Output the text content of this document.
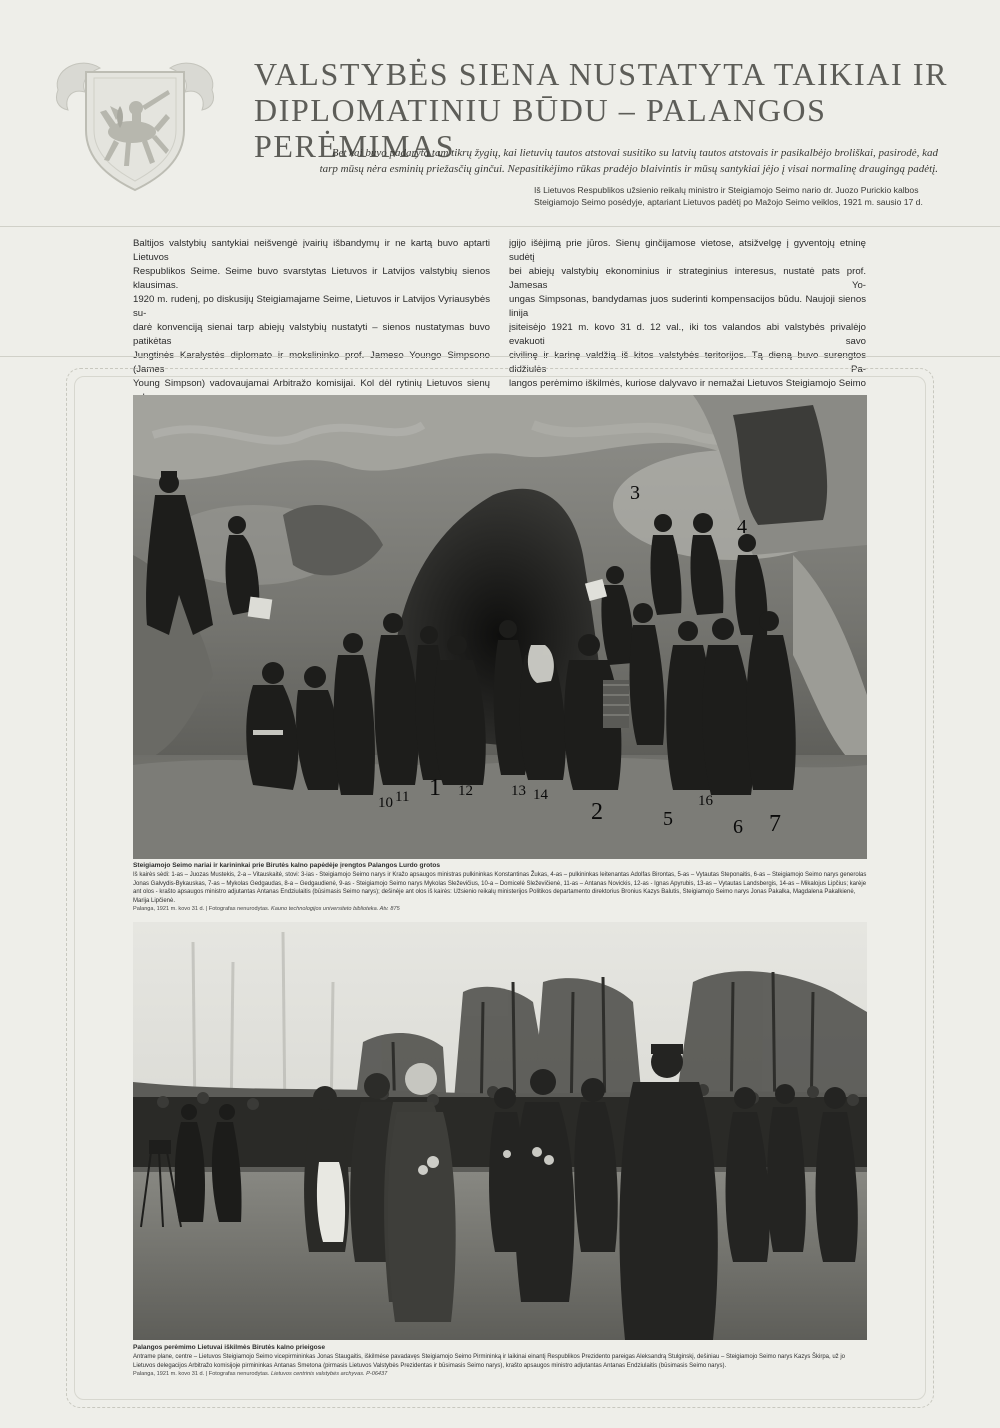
VALSTYBĖS SIENA NUSTATYTA TAIKIAI IR
DIPLOMATINIU BŪDU – PALANGOS PERĖMIMAS

Bet kai buvo padaryta tam tikrų žygių, kai lietuvių tautos atstovai susitiko su latvių tautos atstovais ir pasikalbėjo broliškai, pasirodė, kad tarp mūsų nėra esminių priežasčių ginčui. Nepasitikėjimo rūkas pradėjo blaivintis ir mūsų santykiai jėjo į visai normalinę draugingą padėtį.

Iš Lietuvos Respublikos užsienio reikalų ministro ir Steigiamojo Seimo nario dr. Juozo Purickio kalbos
Steigiamojo Seimo posėdyje, aptariant Lietuvos padėtį po Mažojo Seimo veiklos, 1921 m. sausio 17 d.
Baltijos valstybių santykiai neišvengė įvairių išbandymų ir ne kartą buvo aptarti Lietuvos
Respublikos Seime. Seime buvo svarstytas Lietuvos ir Latvijos valstybių sienos klausimas.
1920 m. rudenį, po diskusijų Steigiamajame Seime, Lietuvos ir Latvijos Vyriausybės su-
darė konvenciją sienai tarp abiejų valstybių nustatyti – sienos nustatymas buvo patikėtas
(James
Young Simpson) vadovaujamai Arbitražo komisijai. Kol dėl rytinių Lietuvos sienų
įgijo išėjimą prie jūros. Sienų ginčijamose vietose, atsižvelgę į gyventojų etninę sudėtį
bei abiejų valstybių ekonominius ir strateginius interesus, nustatė pats prof. Jamesas Yo-
ungas Simpsonas, bandydamas juos suderinti kompensacijos būdu. Naujoji sienos linija
įsiteisėjo 1921 m. kovo 31 d. 12 val., iki tos valandos abi valstybės privalėjo evakuoti savo
didžiulės Pa-
langos perėmimo iškilmės, kuriose dalyvavo ir nemažai Lietuvos Steigiamojo Seimo
3
4
10 11 1 12	13 14
2	5
16
6 7
Steigiamojo Seimo nariai ir karininkai prie Birutės kalno papėdėje įrengtos Palangos Lurdo grotos
Iš kairės sėdi: 1-as – Juozas Mustekis, 2-a – Vitauskaitė, stovi: 3-ias - Steigiamojo Seimo narys ir Kražo apsaugos ministras pulkininkas Konstantinas Žukas, 4-as – pulkininkas leitenantas Adolfas Birontas, 5-as – Vytautas Steponaitis, 6-as – Steigiamojo Seimo narys generolas Jonas Galvydis-Bykauskas, 7-as – Mykolas Gedgaudas, 8-a – Gedgaudienė, 9-as - Steigiamojo Seimo narys Mykolas Sleževičius, 10-a – Domicelė Sleževičienė, 11-as – Antanas Novickis, 12-as - Ignas Apyrubis, 13-as – Vytautas Landsbergis, 14-as – Mikalojus Lipčius; karėje ant olos - krašto apsaugos ministro adjutantas Antanas Endziulaitis (būsimasis Seimo narys); dešinėje ant olos iš kairės: Užsienio reikalų ministerijos Politikos departamento direktorius Bronius Kazys Balutis, Steigiamojo Seimo narys Jonas Pakalka, Magdalena Pakalkienė, Marija Lipčienė.
Palanga, 1921 m. kovo 31 d. | Fotografas nenurodytas. Kauno technologijos universiteto biblioteka. Atv. 875
Palangos perėmimo Lietuvai iškilmės Birutės kalno prieigose
Antrame plane, centre – Lietuvos Steigiamojo Seimo vicepirmininkas Jonas Staugaitis, iškilmėse pavadavęs Steigiamojo Seimo Pirmininką ir laikinai einantį Respublikos Prezidento pareigas Aleksandrą Stulginskį, dešiniau – Steigiamojo Seimo narys Kazys Škirpa, už jo Lietuvos delegacijos Arbitražo komisijoje pirmininkas Antanas Smetona (pirmasis Lietuvos Valstybės Prezidentas ir būsimasis Seimo narys), krašto apsaugos ministro adjutantas Antanas Endziulaitis (būsimasis Seimo narys).
Palanga, 1921 m. kovo 31 d. | Fotografas nenurodytas. Lietuvos centrinis valstybės archyvas. P-06437
